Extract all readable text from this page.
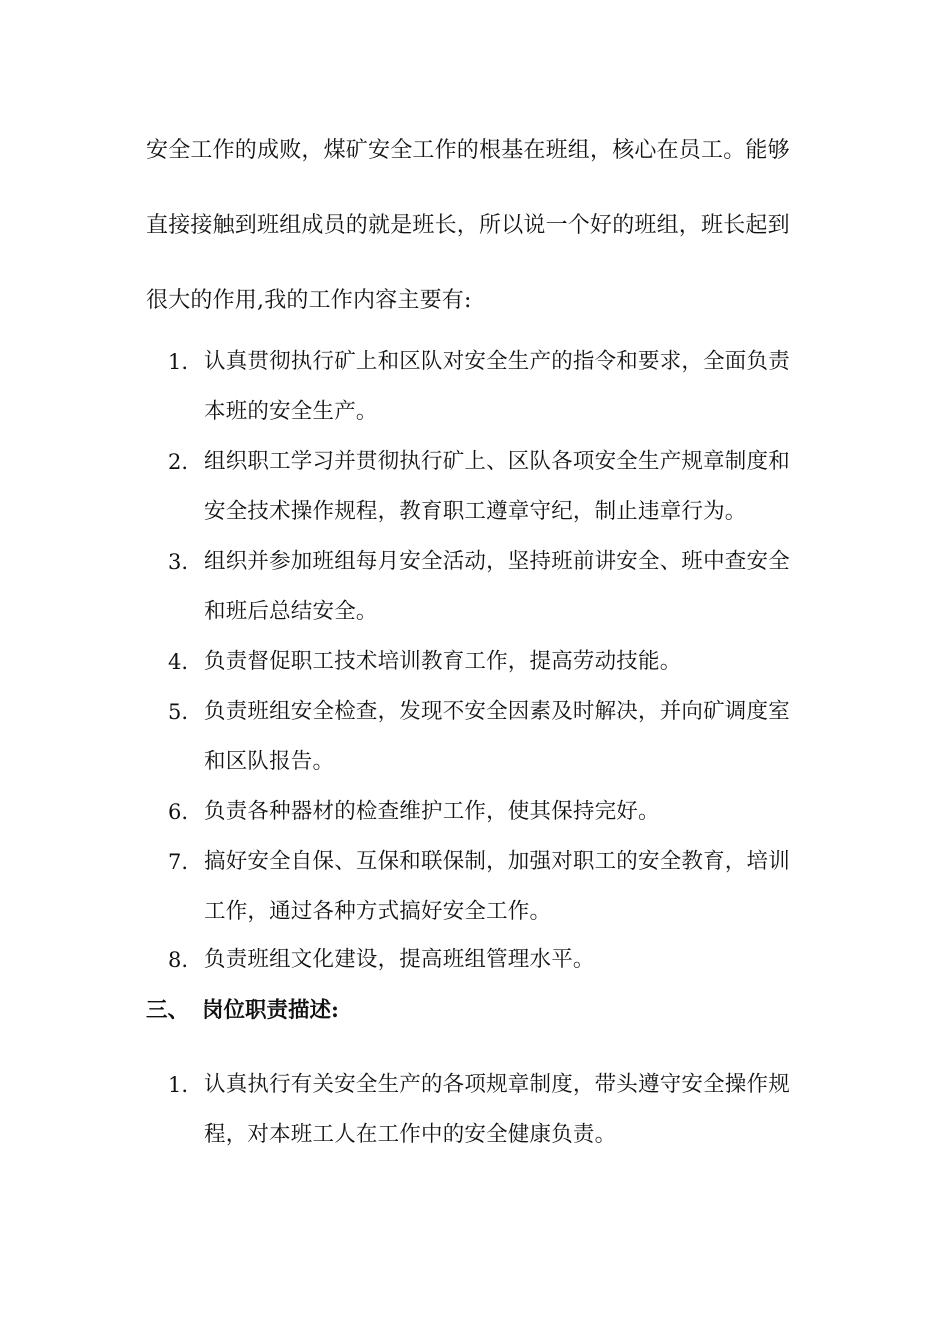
安全工作的成败，煤矿安全工作的根基在班组，核心在员工。能够
直接接触到班组成员的就是班长，所以说一个好的班组，班长起到
很大的作用,我的工作内容主要有:
1. 认真贯彻执行矿上和区队对安全生产的指令和要求，全面负责
本班的安全生产。
2. 组织职工学习并贯彻执行矿上、区队各项安全生产规章制度和
安全技术操作规程，教育职工遵章守纪，制止违章行为。
3. 组织并参加班组每月安全活动，坚持班前讲安全、班中查安全
和班后总结安全。
4. 负责督促职工技术培训教育工作，提高劳动技能。
5. 负责班组安全检查，发现不安全因素及时解决，并向矿调度室
和区队报告。
6. 负责各种器材的检查维护工作，使其保持完好。
7. 搞好安全自保、互保和联保制，加强对职工的安全教育，培训
工作，通过各种方式搞好安全工作。
8. 负责班组文化建设，提高班组管理水平。
三、 岗位职责描述:
1. 认真执行有关安全生产的各项规章制度，带头遵守安全操作规
程，对本班工人在工作中的安全健康负责。
